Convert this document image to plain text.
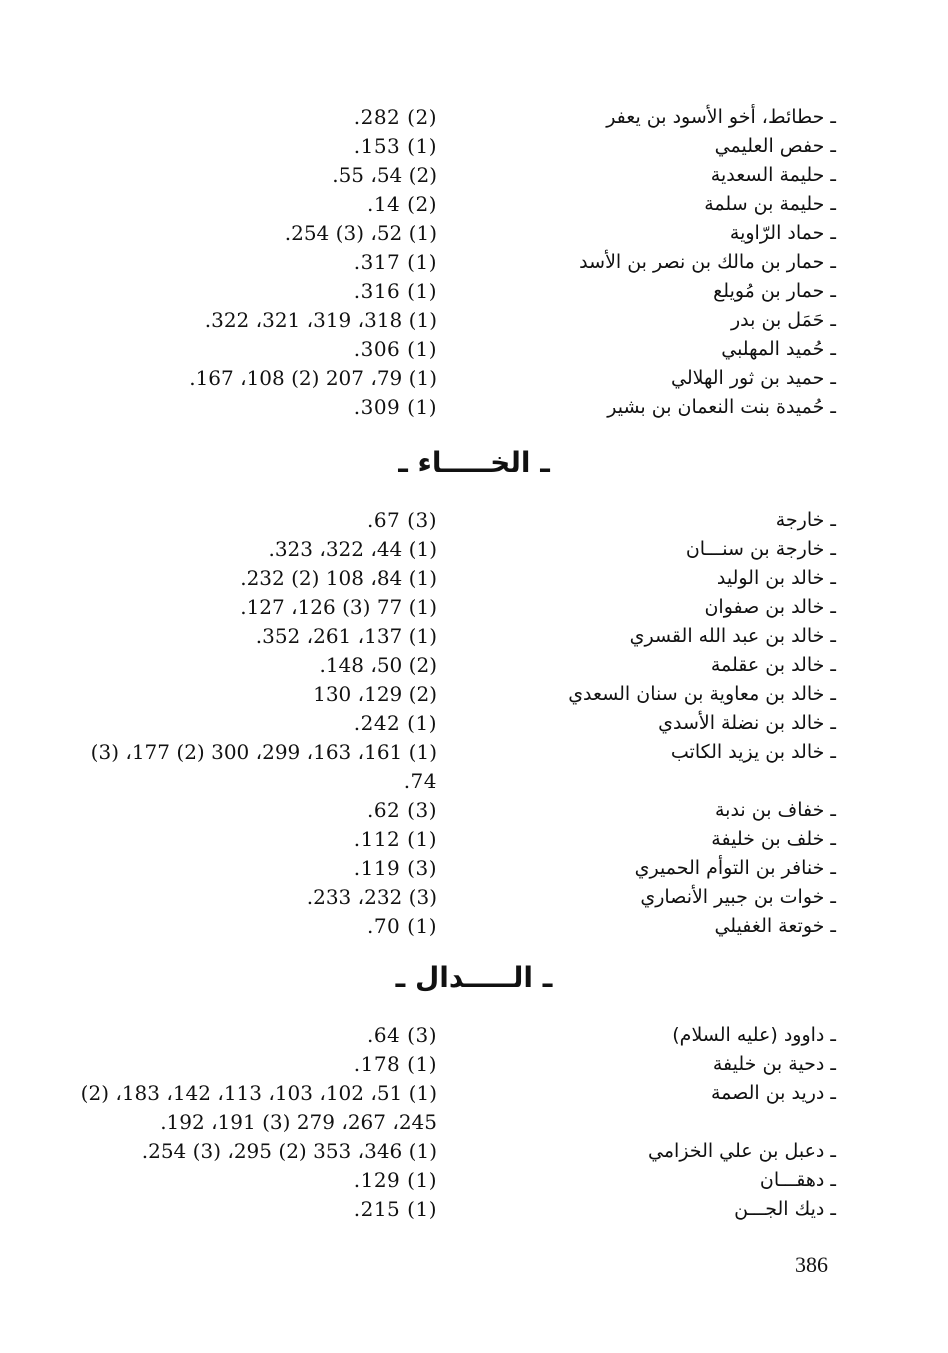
ـ حطائط، أخو الأسود بن يعفر
(2) 282.
ـ حفص العليمي
(1) 153.
ـ حليمة السعدية
(2) 54، 55.
ـ حليمة بن سلمة
(2) 14.
ـ حماد الرّاوية
(1) 52، (3) 254.
ـ حمار بن مالك بن نصر بن الأسد
(1) 317.
ـ حمار بن مُويلع
(1) 316.
ـ حَمَل بن بدر
(1) 318، 319، 321، 322.
ـ حُميد المهلبي
(1) 306.
ـ حميد بن ثور الهلالي
(1) 79، 207 (2) 108، 167.
ـ حُميدة بنت النعمان بن بشير
(1) 309.
ـ الخـــــاء ـ
ـ خارجة
(3) 67.
ـ خارجة بن سنـــان
(1) 44، 322، 323.
ـ خالد بن الوليد
(1) 84، 108 (2) 232.
ـ خالد بن صفوان
(1) 77 (3) 126، 127.
ـ خالد بن عبد الله القسري
(1) 137، 261، 352.
ـ خالد بن عقلمة
(2) 50، 148.
ـ خالد بن معاوية بن سنان السعدي
(2) 129، 130
ـ خالد بن نضلة الأسدي
(1) 242.
ـ خالد بن يزيد الكاتب
(1) 161، 163، 299، 300 (2) 177، (3)
74.
ـ خفاف بن ندبة
(3) 62.
ـ خلف بن خليفة
(1) 112.
ـ خنافر بن التوأم الحميري
(3) 119.
ـ خوات بن جبير الأنصاري
(3) 232، 233.
ـ خوتعة الغفيلي
(1) 70.
ـ الـــــدال ـ
ـ داوود (عليه السلام)
(3) 64.
ـ دحية بن خليفة
(1) 178.
ـ دريد بن الصمة
(1) 51، 102، 103، 113، 142، 183، (2)
245، 267، 279 (3) 191، 192.
ـ دعبل بن علي الخزامي
(1) 346، 353 (2) 295، (3) 254.
ـ دهقـــان
(1) 129.
ـ ديك الجـــن
(1) 215.
386
